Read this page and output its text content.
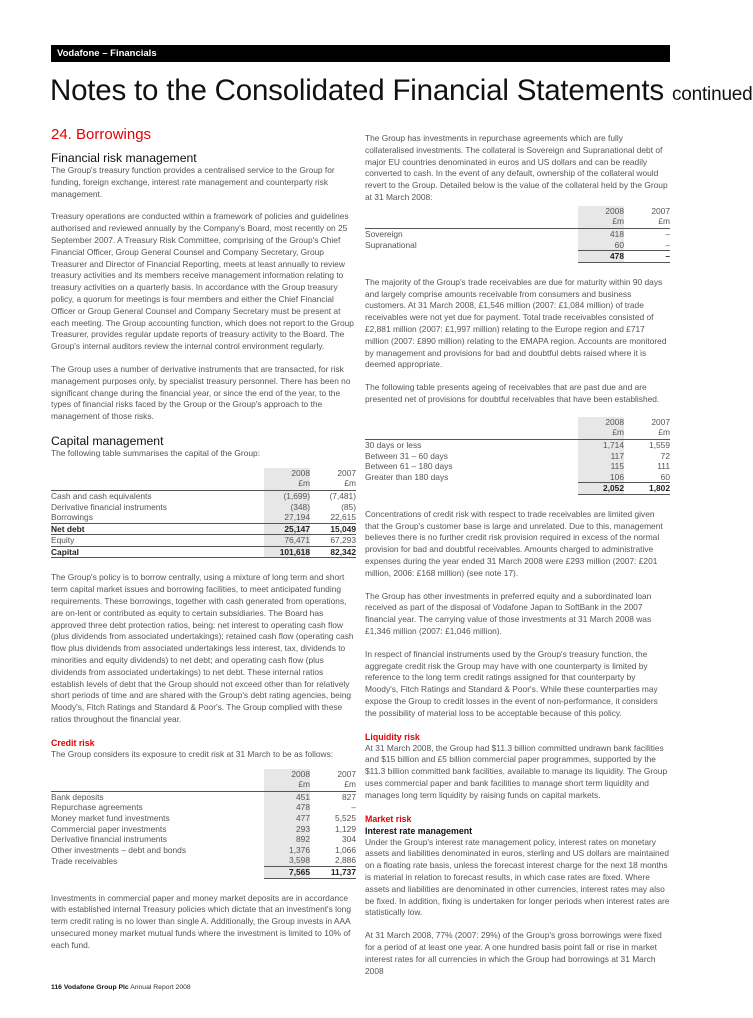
Vodafone – Financials
Notes to the Consolidated Financial Statements continued
24. Borrowings
Financial risk management

The Group's treasury function provides a centralised service to the Group for funding, foreign exchange, interest rate management and counterparty risk management.

Treasury operations are conducted within a framework of policies and guidelines authorised and reviewed annually by the Company's Board, most recently on 25 September 2007. A Treasury Risk Committee, comprising of the Group's Chief Financial Officer, Group General Counsel and Company Secretary, Group Treasurer and Director of Financial Reporting, meets at least annually to review treasury activities and its members receive management information relating to treasury activities on a quarterly basis. In accordance with the Group treasury policy, a quorum for meetings is four members and either the Chief Financial Officer or Group General Counsel and Company Secretary must be present at each meeting. The Group accounting function, which does not report to the Group Treasurer, provides regular update reports of treasury activity to the Board. The Group's internal auditors review the internal control environment regularly.

The Group uses a number of derivative instruments that are transacted, for risk management purposes only, by specialist treasury personnel. There has been no significant change during the financial year, or since the end of the year, to the types of financial risks faced by the Group or the Group's approach to the management of those risks.

Capital management

The following table summarises the capital of the Group:

	2008	2007
	£m	£m
Cash and cash equivalents	(1,699)	(7,481)
Derivative financial instruments	(348)	(85)
Borrowings	27,194	22,615
Net debt	25,147	15,049
Equity	76,471	67,293
Capital	101,618	82,342

The Group's policy is to borrow centrally, using a mixture of long term and short term capital market issues and borrowing facilities, to meet anticipated funding requirements. These borrowings, together with cash generated from operations, are on-lent or contributed as equity to certain subsidiaries. The Board has approved three debt protection ratios, being: net interest to operating cash flow (plus dividends from associated undertakings); retained cash flow (operating cash flow plus dividends from associated undertakings less interest, tax, dividends to minorities and equity dividends) to net debt; and operating cash flow (plus dividends from associated undertakings) to net debt. These internal ratios establish levels of debt that the Group should not exceed other than for relatively short periods of time and are shared with the Group's debt rating agencies, being Moody's, Fitch Ratings and Standard & Poor's. The Group complied with these ratios throughout the financial year.

Credit risk

The Group considers its exposure to credit risk at 31 March to be as follows:

	2008	2007
	£m	£m
Bank deposits	451	827
Repurchase agreements	478	–
Money market fund investments	477	5,525
Commercial paper investments	293	1,129
Derivative financial instruments	892	304
Other investments – debt and bonds	1,376	1,066
Trade receivables	3,598	2,886
	7,565	11,737

Investments in commercial paper and money market deposits are in accordance with established internal Treasury policies which dictate that an investment's long term credit rating is no lower than single A. Additionally, the Group invests in AAA unsecured money market mutual funds where the investment is limited to 10% of each fund.

The Group has investments in repurchase agreements which are fully collateralised investments. The collateral is Sovereign and Supranational debt of major EU countries denominated in euros and US dollars and can be readily converted to cash. In the event of any default, ownership of the collateral would revert to the Group. Detailed below is the value of the collateral held by the Group at 31 March 2008:

	2008	2007
	£m	£m
Sovereign	418	–
Supranational	60	–
	478	–

The majority of the Group's trade receivables are due for maturity within 90 days and largely comprise amounts receivable from consumers and business customers. At 31 March 2008, £1,546 million (2007: £1,084 million) of trade receivables were not yet due for payment. Total trade receivables consisted of £2,881 million (2007: £1,997 million) relating to the Europe region and £717 million (2007: £890 million) relating to the EMAPA region. Accounts are monitored by management and provisions for bad and doubtful debts raised where it is deemed appropriate.

The following table presents ageing of receivables that are past due and are presented net of provisions for doubtful receivables that have been established.

	2008	2007
	£m	£m
30 days or less	1,714	1,559
Between 31 – 60 days	117	72
Between 61 – 180 days	115	111
Greater than 180 days	106	60
	2,052	1,802

Concentrations of credit risk with respect to trade receivables are limited given that the Group's customer base is large and unrelated. Due to this, management believes there is no further credit risk provision required in excess of the normal provision for bad and doubtful receivables. Amounts charged to administrative expenses during the year ended 31 March 2008 were £293 million (2007: £201 million, 2006: £168 million) (see note 17).

The Group has other investments in preferred equity and a subordinated loan received as part of the disposal of Vodafone Japan to SoftBank in the 2007 financial year. The carrying value of those investments at 31 March 2008 was £1,346 million (2007: £1,046 million).

In respect of financial instruments used by the Group's treasury function, the aggregate credit risk the Group may have with one counterparty is limited by reference to the long term credit ratings assigned for that counterparty by Moody's, Fitch Ratings and Standard & Poor's. While these counterparties may expose the Group to credit losses in the event of non-performance, it considers the possibility of material loss to be acceptable because of this policy.

Liquidity risk

At 31 March 2008, the Group had $11.3 billion committed undrawn bank facilities and $15 billion and £5 billion commercial paper programmes, supported by the $11.3 billion committed bank facilities, available to manage its liquidity. The Group uses commercial paper and bank facilities to manage short term liquidity and manages long term liquidity by raising funds on capital markets.

Market risk
Interest rate management

Under the Group's interest rate management policy, interest rates on monetary assets and liabilities denominated in euros, sterling and US dollars are maintained on a floating rate basis, unless the forecast interest charge for the next 18 months is material in relation to forecast results, in which case rates are fixed. Where assets and liabilities are denominated in other currencies, interest rates may also be fixed. In addition, fixing is undertaken for longer periods when interest rates are statistically low.

At 31 March 2008, 77% (2007: 29%) of the Group's gross borrowings were fixed for a period of at least one year. A one hundred basis point fall or rise in market interest rates for all currencies in which the Group had borrowings at 31 March 2008

116 Vodafone Group Plc Annual Report 2008
